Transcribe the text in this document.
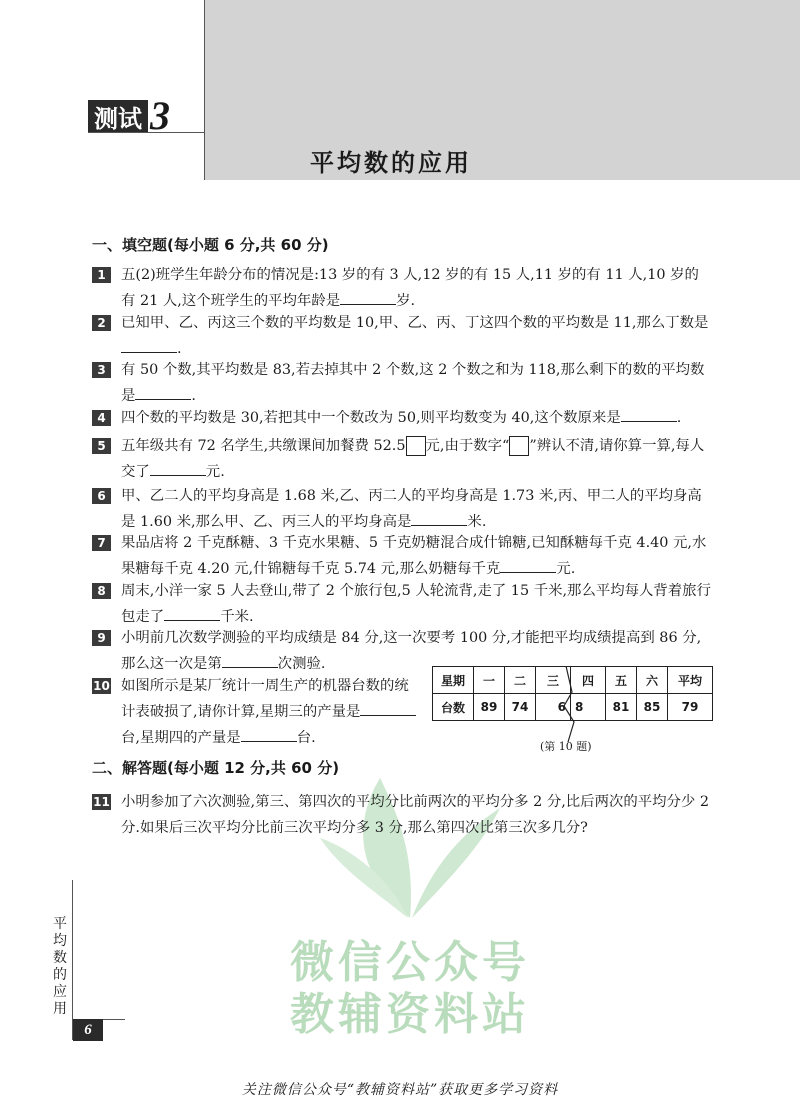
测试 3
平均数的应用
微信公众号
教辅资料站
一、填空题(每小题 6 分,共 60 分)
1	五(2)班学生年龄分布的情况是:13 岁的有 3 人,12 岁的有 15 人,11 岁的有 11 人,10 岁的有 21 人,这个班学生的平均年龄是	岁.
2	已知甲、乙、丙这三个数的平均数是 10,甲、乙、丙、丁这四个数的平均数是 11,那么丁数是.
3	有 50 个数,其平均数是 83,若去掉其中 2 个数,这 2 个数之和为 118,那么剩下的数的平均数是	.
4	四个数的平均数是 30,若把其中一个数改为 50,则平均数变为 40,这个数原来是	.
5	五年级共有 72 名学生,共缴课间加餐费 52.5 元,由于数字“ ”辨认不清,请你算一算,每人交了	元.
6	甲、乙二人的平均身高是 1.68 米,乙、丙二人的平均身高是 1.73 米,丙、甲二人的平均身高是 1.60 米,那么甲、乙、丙三人的平均身高是	米.
7	果品店将 2 千克酥糖、3 千克水果糖、5 千克奶糖混合成什锦糖,已知酥糖每千克 4.40 元,水果糖每千克 4.20 元,什锦糖每千克 5.74 元,那么奶糖每千克	元.
8	周末,小洋一家 5 人去登山,带了 2 个旅行包,5 人轮流背,走了 15 千米,那么平均每人背着旅行包走了	千米.
9	小明前几次数学测验的平均成绩是 84 分,这一次要考 100 分,才能把平均成绩提高到 86 分,那么这一次是第	次测验.
10 如图所示是某厂统计一周生产的机器台数的统计表破损了,请你计算,星期三的产量是台,星期四的产量是	台.
星期	一	二	三	四	五	六	平均
台数	89	74	6	8	81	85	79
(第 10 题)
二、解答题(每小题 12 分,共 60 分)
11 小明参加了六次测验,第三、第四次的平均分比前两次的平均分多 2 分,比后两次的平均分少 2 分.如果后三次平均分比前三次平均分多 3 分,那么第四次比第三次多几分?
平均数的应用
6
关注微信公众号“教辅资料站”获取更多学习资料
